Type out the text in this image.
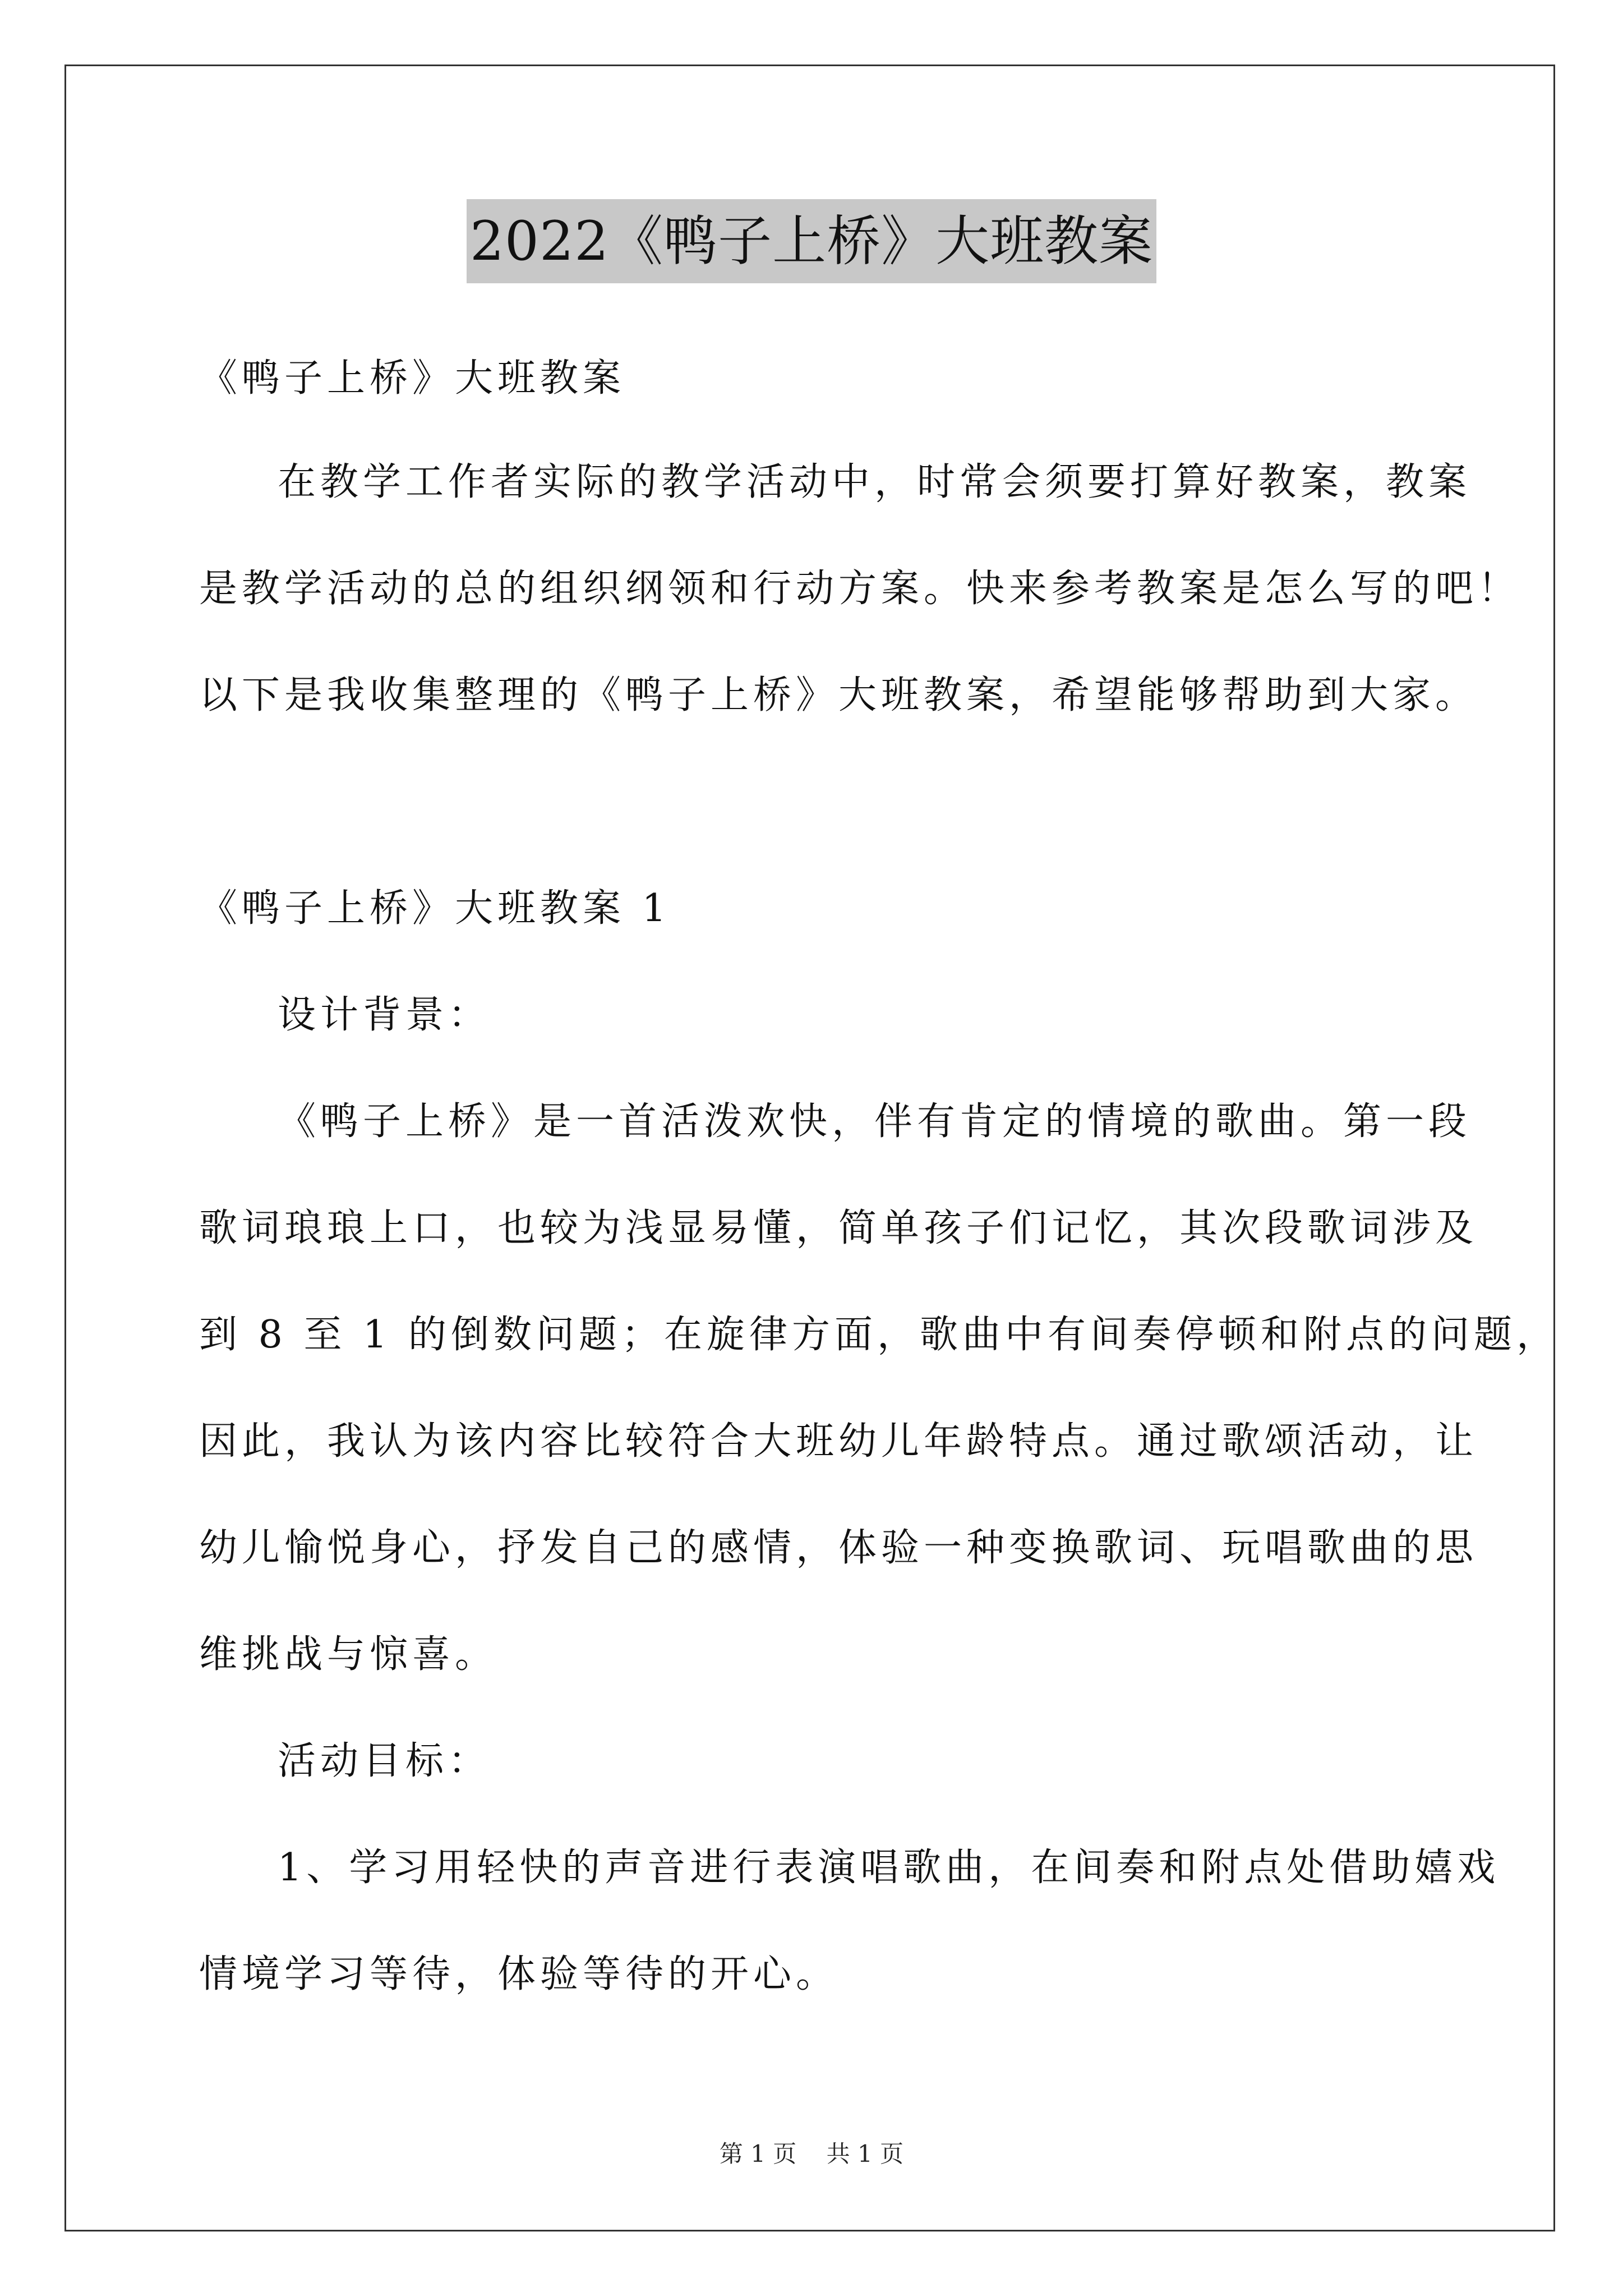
2022《鸭子上桥》大班教案
《鸭子上桥》大班教案
在教学工作者实际的教学活动中，时常会须要打算好教案，教案
是教学活动的总的组织纲领和行动方案。快来参考教案是怎么写的吧！
以下是我收集整理的《鸭子上桥》大班教案，希望能够帮助到大家。
《鸭子上桥》大班教案 1
设计背景：
《鸭子上桥》是一首活泼欢快，伴有肯定的情境的歌曲。第一段
歌词琅琅上口，也较为浅显易懂，简单孩子们记忆，其次段歌词涉及
到 8 至 1 的倒数问题；在旋律方面，歌曲中有间奏停顿和附点的问题，
因此，我认为该内容比较符合大班幼儿年龄特点。通过歌颂活动，让
幼儿愉悦身心，抒发自己的感情，体验一种变换歌词、玩唱歌曲的思
维挑战与惊喜。
活动目标：
1、学习用轻快的声音进行表演唱歌曲，在间奏和附点处借助嬉戏
情境学习等待，体验等待的开心。
第 1 页 共 1 页
